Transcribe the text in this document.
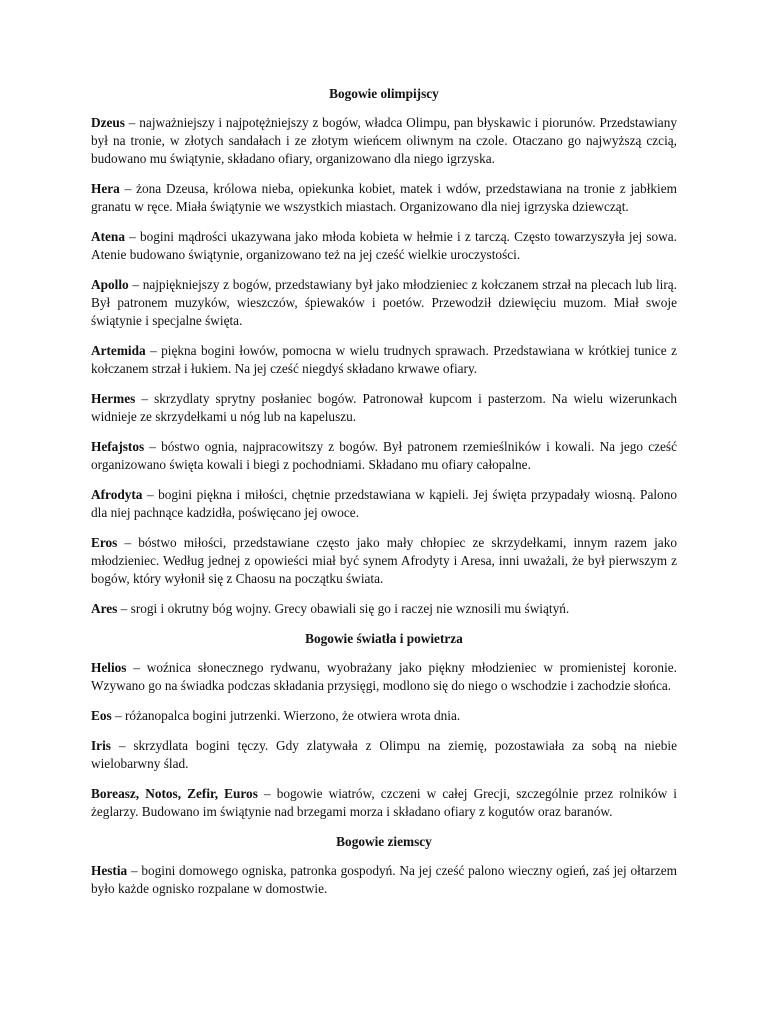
Bogowie olimpijscy

Dzeus – najważniejszy i najpotężniejszy z bogów, władca Olimpu, pan błyskawic i piorunów. Przedstawiany był na tronie, w złotych sandałach i ze złotym wieńcem oliwnym na czole. Otaczano go najwyższą czcią, budowano mu świątynie, składano ofiary, organizowano dla niego igrzyska.

Hera – żona Dzeusa, królowa nieba, opiekunka kobiet, matek i wdów, przedstawiana na tronie z jabłkiem granatu w ręce. Miała świątynie we wszystkich miastach. Organizowano dla niej igrzyska dziewcząt.

Atena – bogini mądrości ukazywana jako młoda kobieta w hełmie i z tarczą. Często towarzyszyła jej sowa. Atenie budowano świątynie, organizowano też na jej cześć wielkie uroczystości.

Apollo – najpiękniejszy z bogów, przedstawiany był jako młodzieniec z kołczanem strzał na plecach lub lirą. Był patronem muzyków, wieszczów, śpiewaków i poetów. Przewodził dziewięciu muzom. Miał swoje świątynie i specjalne święta.

Artemida – piękna bogini łowów, pomocna w wielu trudnych sprawach. Przedstawiana w krótkiej tunice z kołczanem strzał i łukiem. Na jej cześć niegdyś składano krwawe ofiary.

Hermes – skrzydlaty sprytny posłaniec bogów. Patronował kupcom i pasterzom. Na wielu wizerunkach widnieje ze skrzydełkami u nóg lub na kapeluszu.

Hefajstos – bóstwo ognia, najpracowitszy z bogów. Był patronem rzemieślników i kowali. Na jego cześć organizowano święta kowali i biegi z pochodniami. Składano mu ofiary całopalne.

Afrodyta – bogini piękna i miłości, chętnie przedstawiana w kąpieli. Jej święta przypadały wiosną. Palono dla niej pachnące kadzidła, poświęcano jej owoce.

Eros – bóstwo miłości, przedstawiane często jako mały chłopiec ze skrzydełkami, innym razem jako młodzieniec. Według jednej z opowieści miał być synem Afrodyty i Aresa, inni uważali, że był pierwszym z bogów, który wyłonił się z Chaosu na początku świata.

Ares – srogi i okrutny bóg wojny. Grecy obawiali się go i raczej nie wznosili mu świątyń.

Bogowie światła i powietrza

Helios – woźnica słonecznego rydwanu, wyobrażany jako piękny młodzieniec w promienistej koronie. Wzywano go na świadka podczas składania przysięgi, modlono się do niego o wschodzie i zachodzie słońca.

Eos – różanopalca bogini jutrzenki. Wierzono, że otwiera wrota dnia.

Iris – skrzydlata bogini tęczy. Gdy zlatywała z Olimpu na ziemię, pozostawiała za sobą na niebie wielobarwny ślad.

Boreasz, Notos, Zefir, Euros – bogowie wiatrów, czczeni w całej Grecji, szczególnie przez rolników i żeglarzy. Budowano im świątynie nad brzegami morza i składano ofiary z kogutów oraz baranów.

Bogowie ziemscy

Hestia – bogini domowego ogniska, patronka gospodyń. Na jej cześć palono wieczny ogień, zaś jej ołtarzem było każde ognisko rozpalane w domostwie.
